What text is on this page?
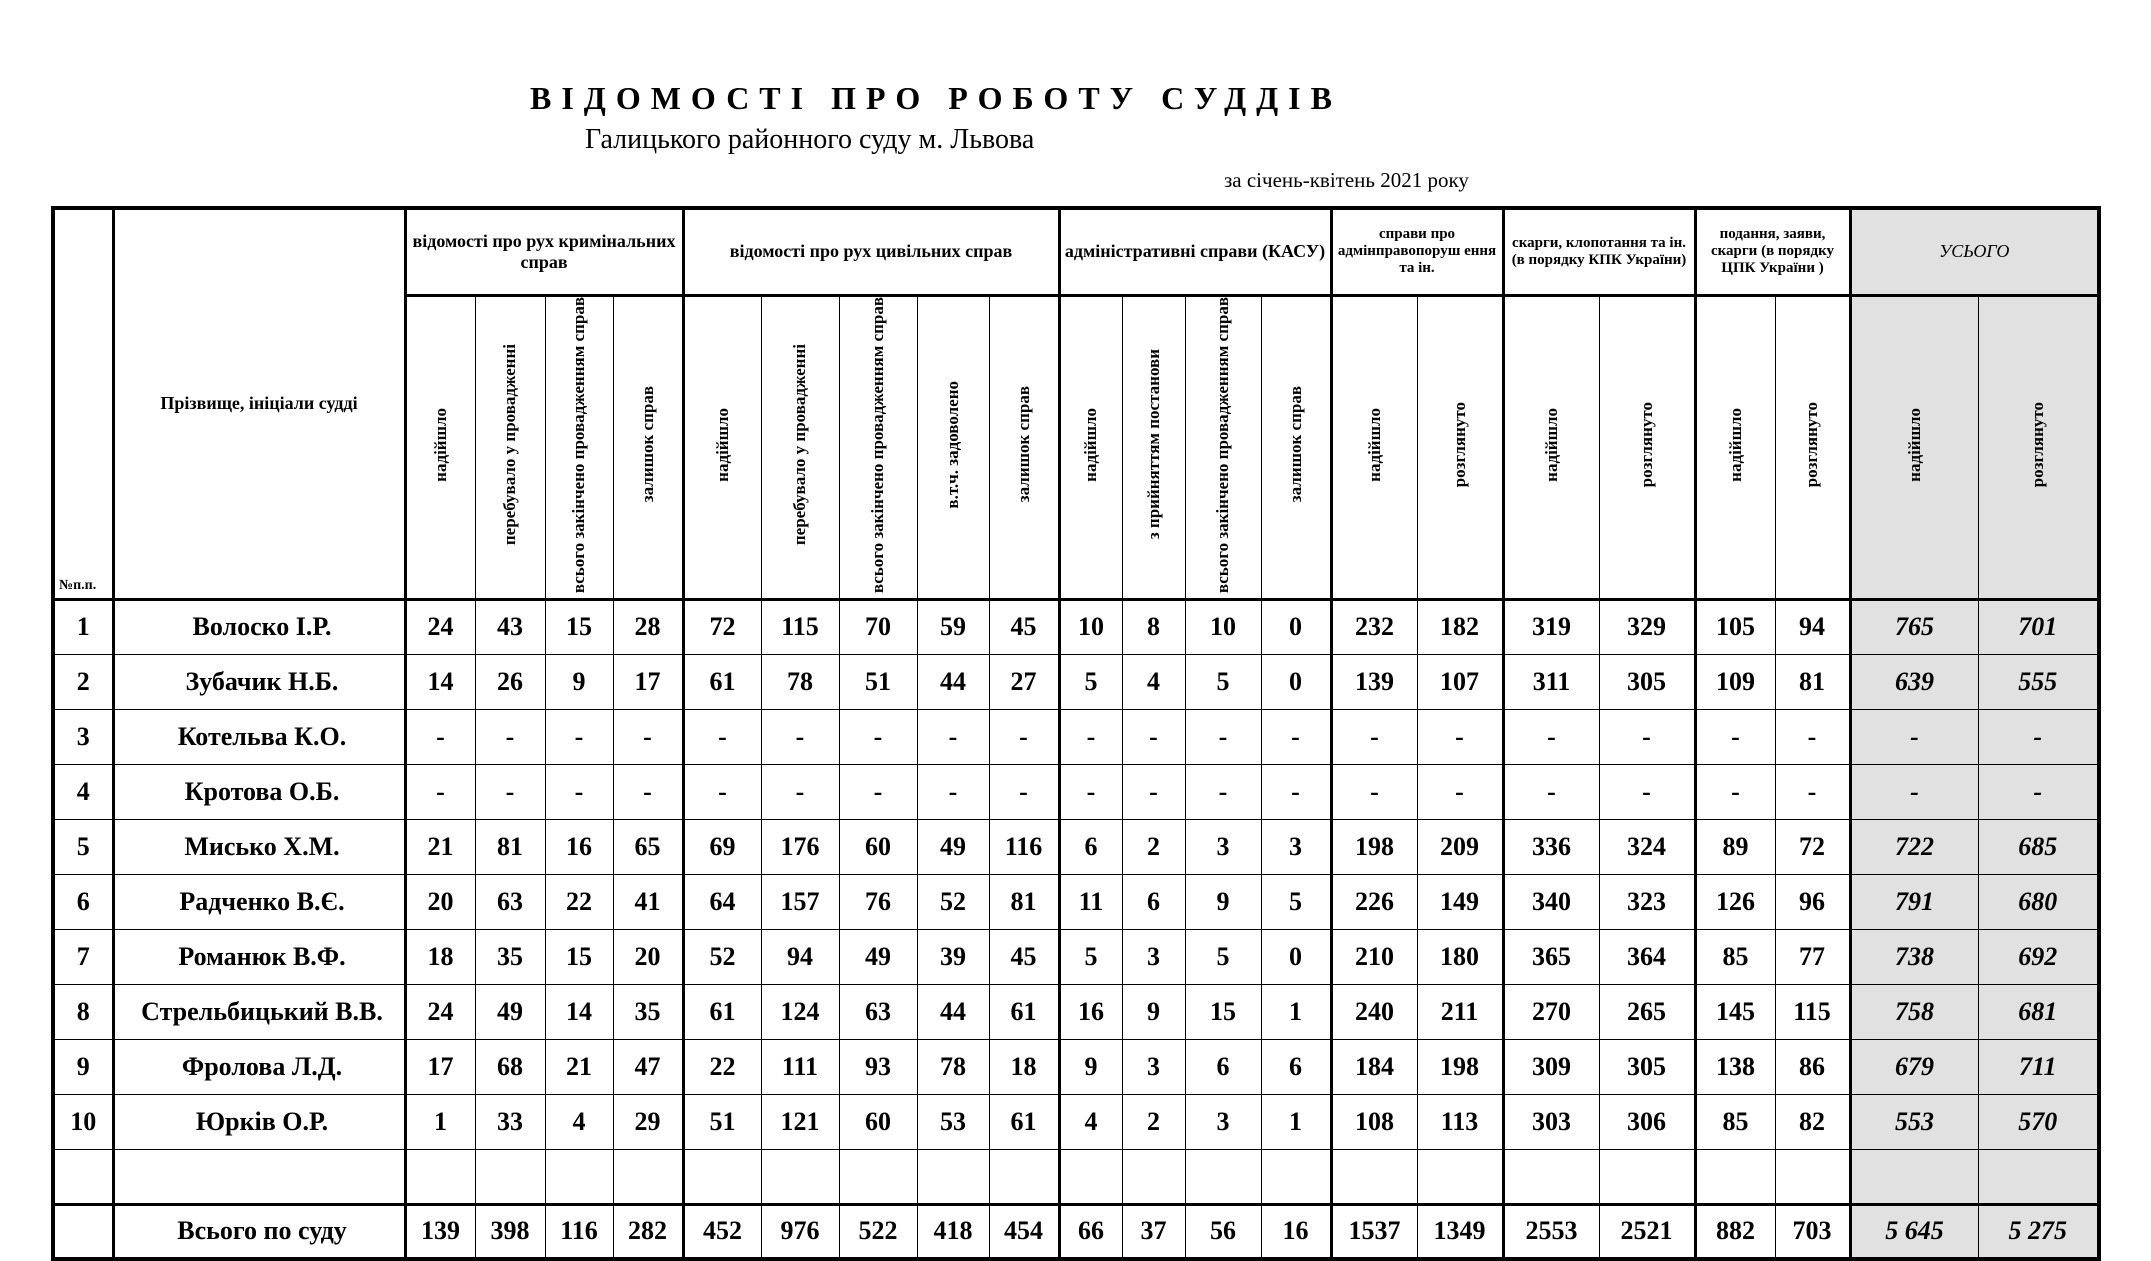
ВІДОМОСТІ ПРО РОБОТУ СУДДІВ
Галицького районного суду м. Львова
за січень-квітень 2021 року
№п.п.	Прізвище, ініціали судді	відомості про рух кримінальних справ				відомості про рух цивільних справ					адміністративні справи (КАСУ)				справи про адмінправопоруш ення та ін.		скарги, клопотання та ін. (в порядку КПК України)		подання, заяви, скарги (в порядку ЦПК України )		УСЬОГО	
		надійшло	перебувало у провадженні	всього закінчено провадженням справ	залишок справ	надійшло	перебувало у провадженні	всього закінчено провадженням справ	в.т.ч. задоволено	залишок справ	надійшло	з прийняттям постанови	всього закінчено провадженням справ	залишок справ	надійшло	розглянуто	надійшло	розглянуто	надійшло	розглянуто	надійшло	розглянуто
1	Волоско І.Р.	24	43	15	28	72	115	70	59	45	10	8	10	0	232	182	319	329	105	94	765	701
2	Зубачик Н.Б.	14	26	9	17	61	78	51	44	27	5	4	5	0	139	107	311	305	109	81	639	555
3	Котельва К.О.	-	-	-	-	-	-	-	-	-	-	-	-	-	-	-	-	-	-	-	-	-
4	Кротова О.Б.	-	-	-	-	-	-	-	-	-	-	-	-	-	-	-	-	-	-	-	-	-
5	Мисько Х.М.	21	81	16	65	69	176	60	49	116	6	2	3	3	198	209	336	324	89	72	722	685
6	Радченко В.Є.	20	63	22	41	64	157	76	52	81	11	6	9	5	226	149	340	323	126	96	791	680
7	Романюк В.Ф.	18	35	15	20	52	94	49	39	45	5	3	5	0	210	180	365	364	85	77	738	692
8	Стрельбицький В.В.	24	49	14	35	61	124	63	44	61	16	9	15	1	240	211	270	265	145	115	758	681
9	Фролова Л.Д.	17	68	21	47	22	111	93	78	18	9	3	6	6	184	198	309	305	138	86	679	711
10	Юрків О.Р.	1	33	4	29	51	121	60	53	61	4	2	3	1	108	113	303	306	85	82	553	570

	Всього по суду	139	398	116	282	452	976	522	418	454	66	37	56	16	1537	1349	2553	2521	882	703	5 645	5 275
